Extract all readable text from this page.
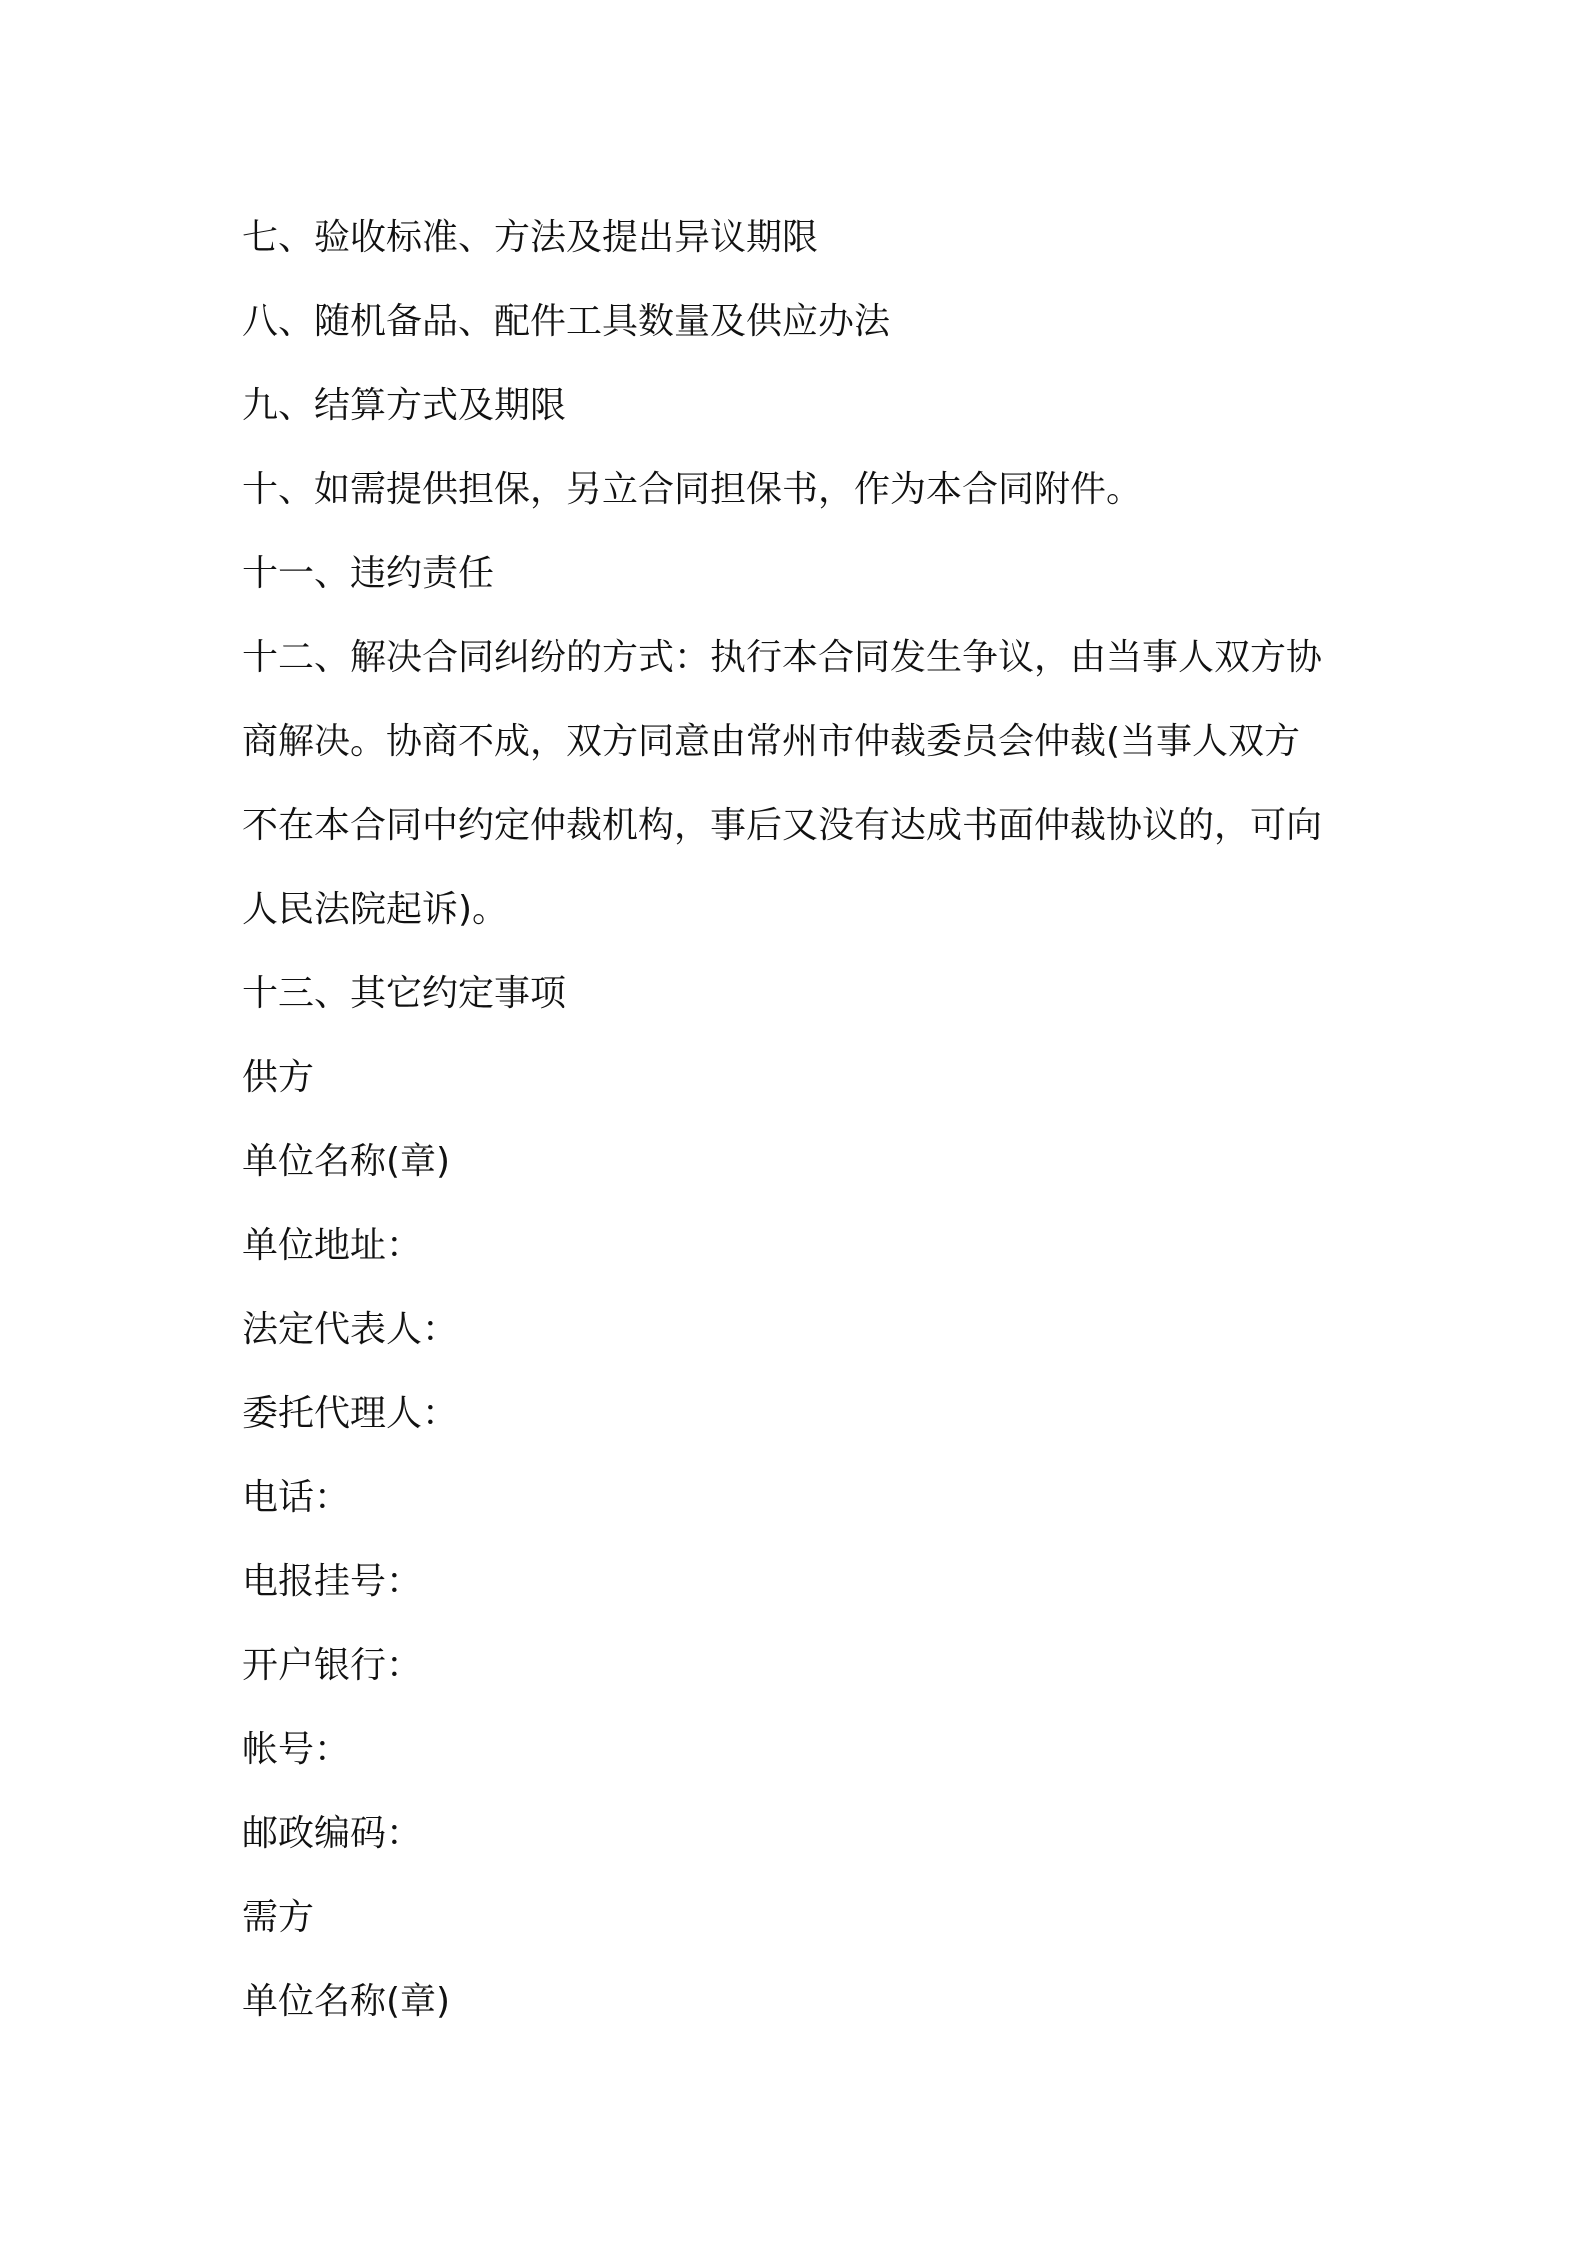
七、验收标准、方法及提出异议期限

八、随机备品、配件工具数量及供应办法

九、结算方式及期限

十、如需提供担保，另立合同担保书，作为本合同附件。

十一、违约责任

十二、解决合同纠纷的方式：执行本合同发生争议，由当事人双方协

商解决。协商不成，双方同意由常州市仲裁委员会仲裁(当事人双方

不在本合同中约定仲裁机构，事后又没有达成书面仲裁协议的，可向

人民法院起诉)。

十三、其它约定事项

供方

单位名称(章)

单位地址：

法定代表人：

委托代理人：

电话：

电报挂号：

开户银行：

帐号：

邮政编码：

需方

单位名称(章)
